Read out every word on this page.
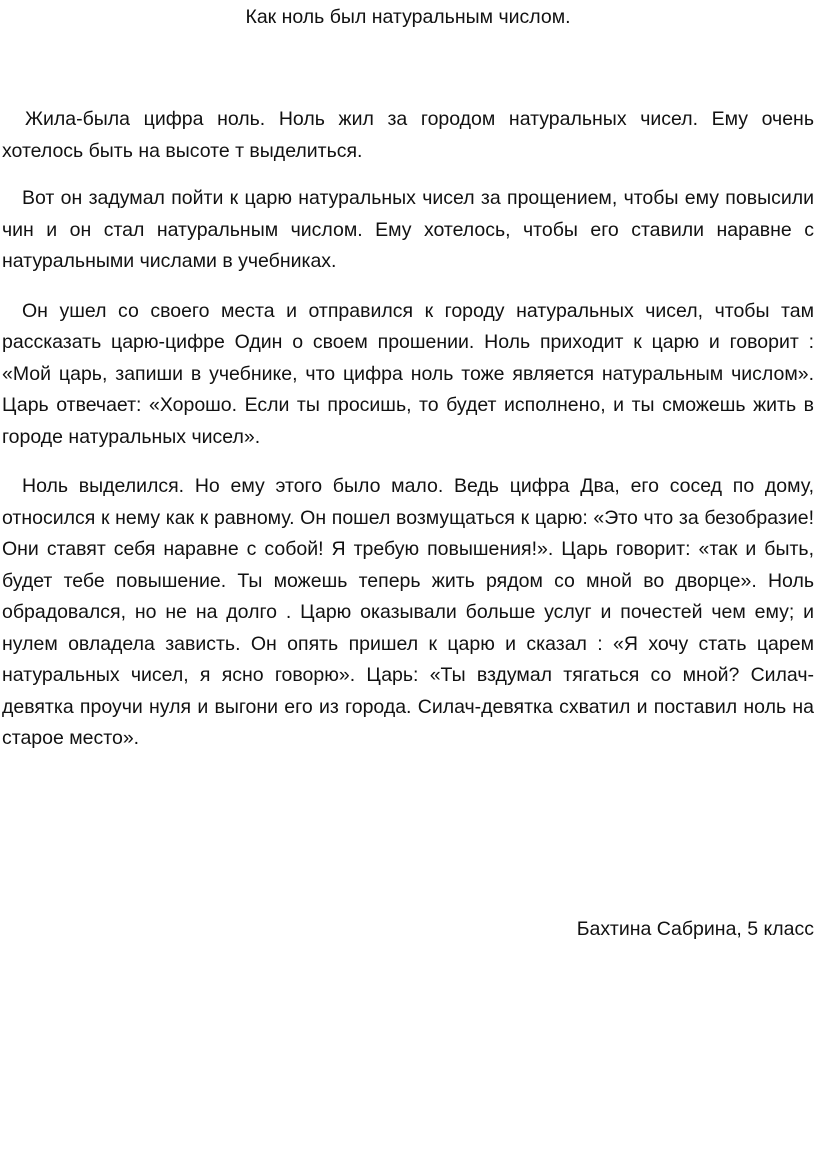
Как ноль был натуральным числом.

Жила-была цифра ноль. Ноль жил за городом натуральных чисел. Ему очень хотелось быть на высоте т выделиться.

Вот он задумал пойти к царю натуральных чисел за прощением, чтобы ему повысили чин и он стал натуральным числом. Ему хотелось, чтобы его ставили наравне с натуральными числами в учебниках.

Он ушел со своего места и отправился к городу натуральных чисел, чтобы там рассказать царю-цифре Один о своем прошении. Ноль приходит к царю и говорит : «Мой царь, запиши в учебнике, что цифра ноль тоже является натуральным числом». Царь отвечает: «Хорошо. Если ты просишь, то будет исполнено, и ты сможешь жить в городе натуральных чисел».

Ноль выделился. Но ему этого было мало. Ведь цифра Два, его сосед по дому, относился к нему как к равному. Он пошел возмущаться к царю: «Это что за безобразие! Они ставят себя наравне с собой! Я требую повышения!». Царь говорит: «так и быть, будет тебе повышение. Ты можешь теперь жить рядом со мной во дворце». Ноль обрадовался, но не на долго . Царю оказывали больше услуг и почестей чем ему; и нулем овладела зависть. Он опять пришел к царю и сказал : «Я хочу стать царем натуральных чисел, я ясно говорю». Царь: «Ты вздумал тягаться со мной? Силач-девятка проучи нуля и выгони его из города. Силач-девятка схватил и поставил ноль на старое место».

Бахтина Сабрина, 5 класс
